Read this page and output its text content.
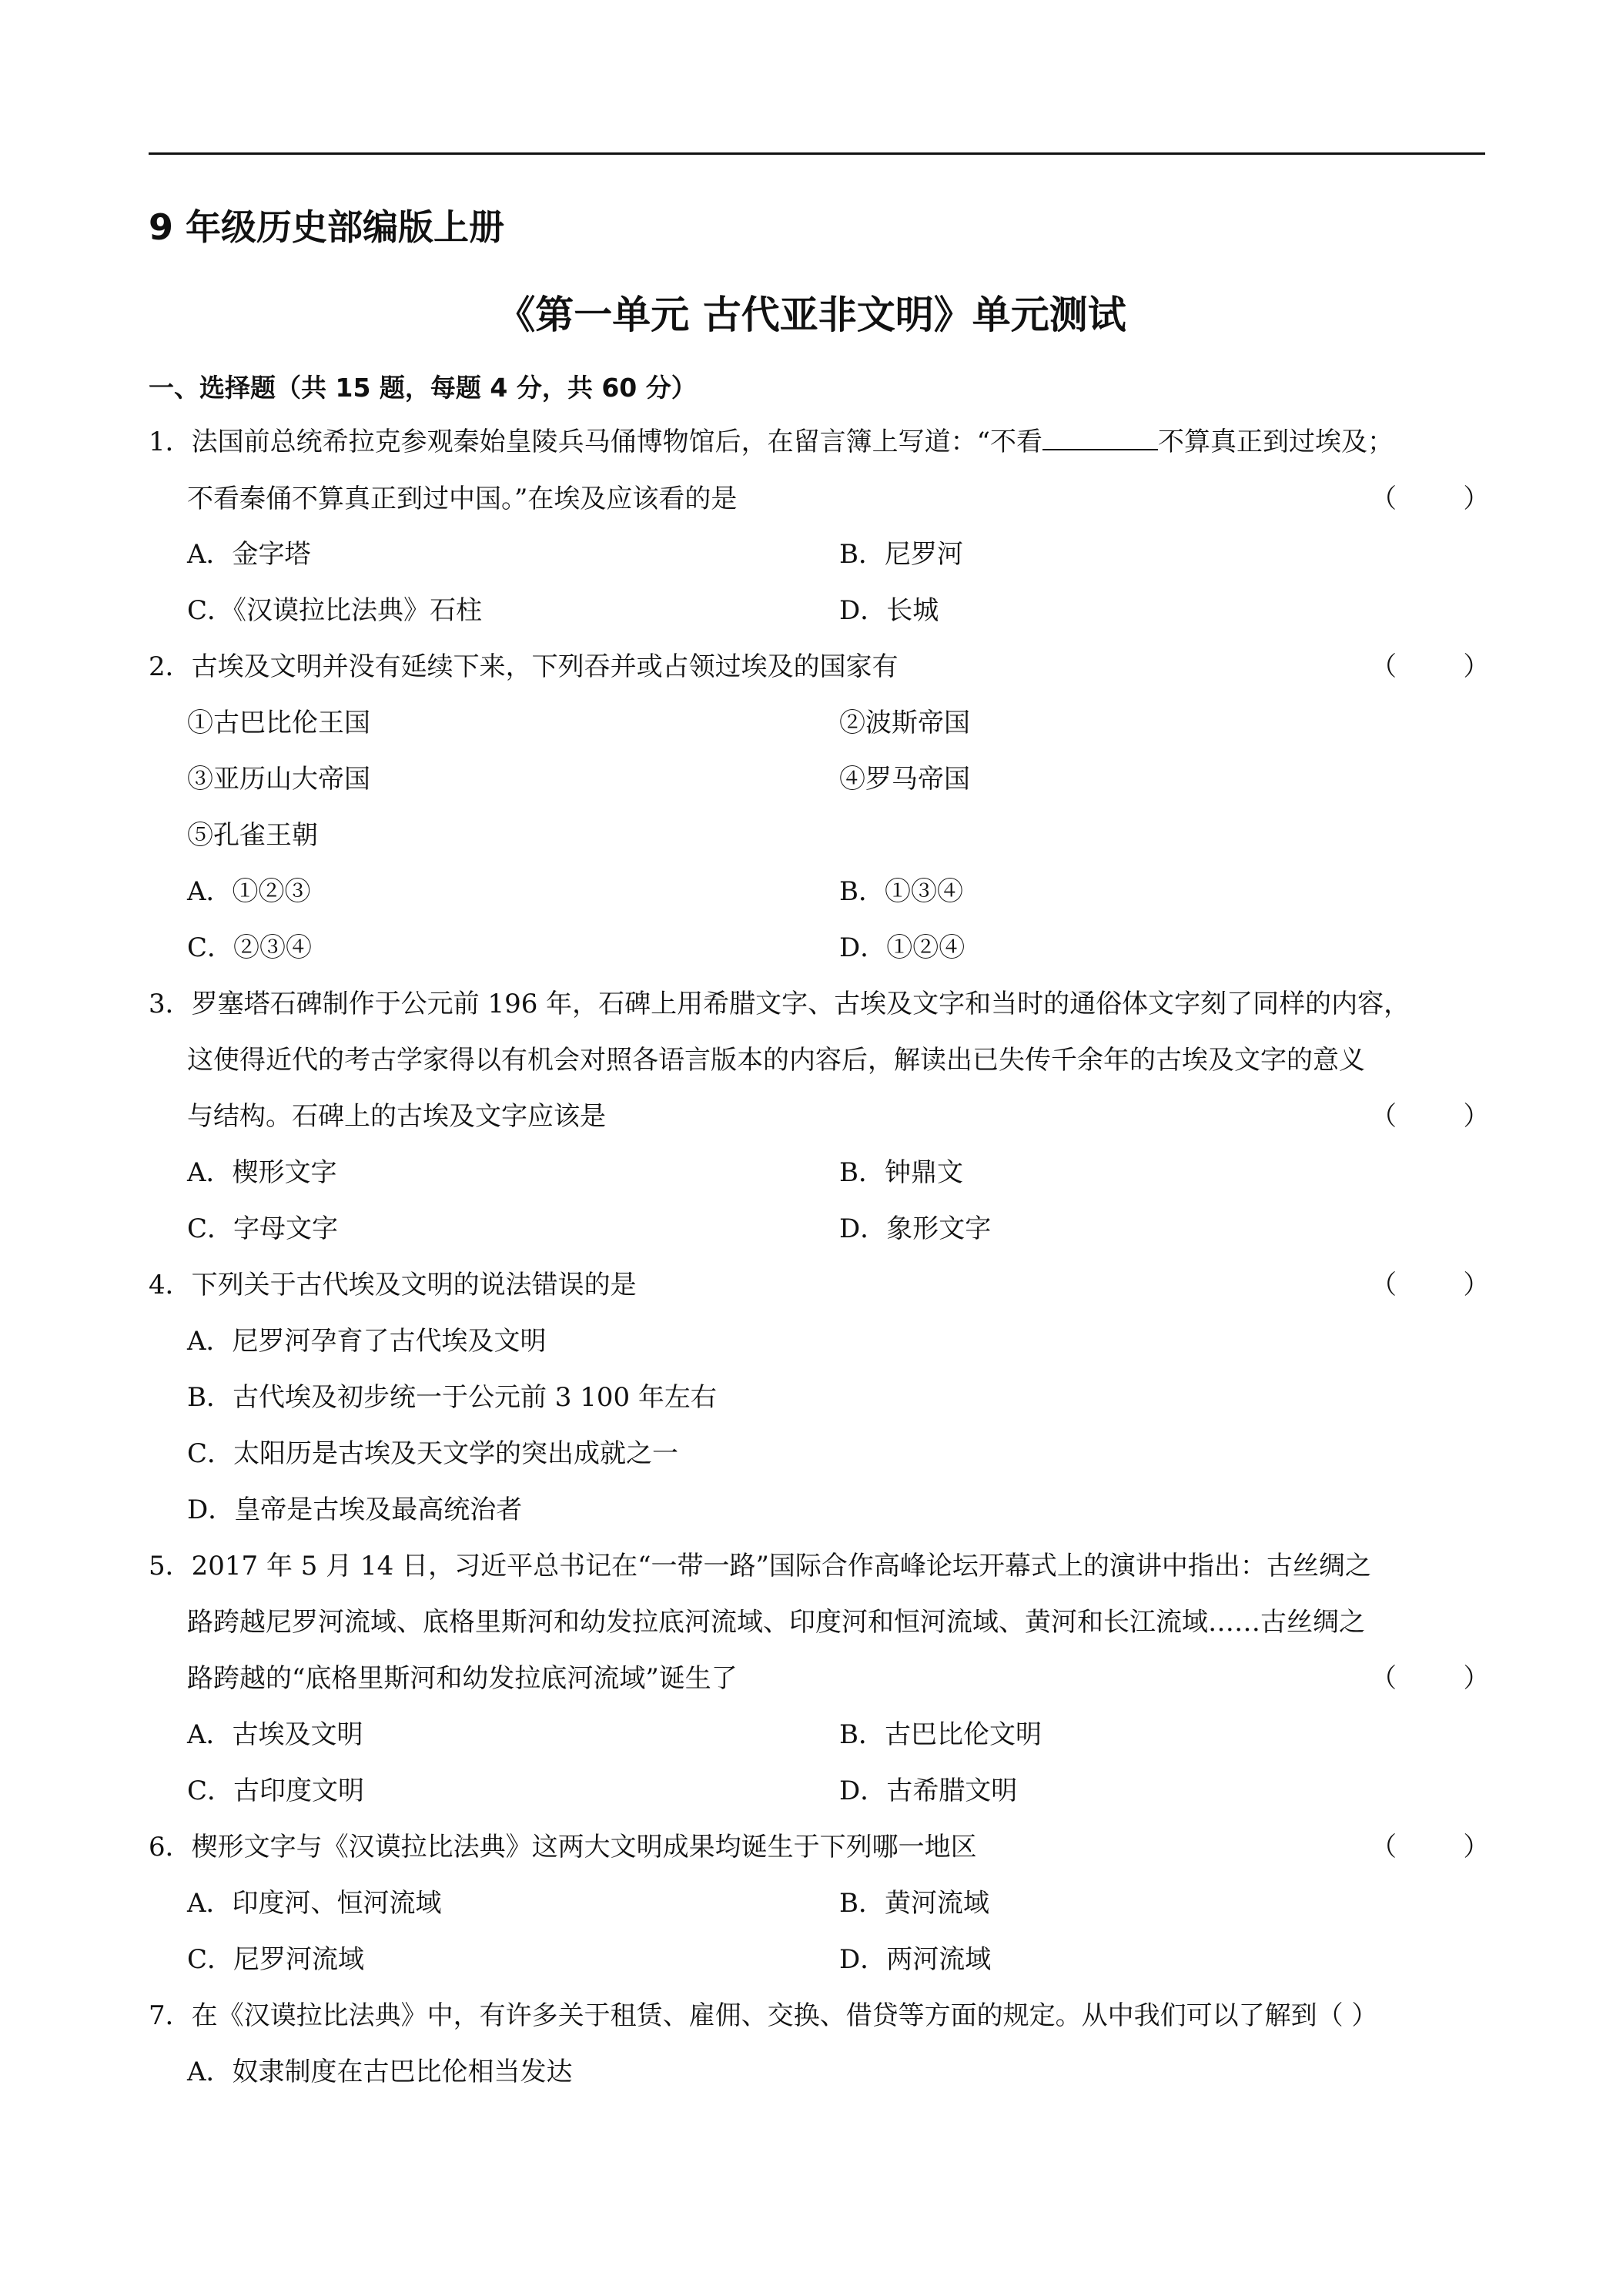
9 年级历史部编版上册
《第一单元 古代亚非文明》单元测试
一、选择题（共 15 题，每题 4 分，共 60 分）
1．法国前总统希拉克参观秦始皇陵兵马俑博物馆后，在留言簿上写道：“不看	不算真正到过埃及；
不看秦俑不算真正到过中国。”在埃及应该看的是	（        ）
A．金字塔	B．尼罗河
C．《汉谟拉比法典》石柱	D．长城
2．古埃及文明并没有延续下来，下列吞并或占领过埃及的国家有	（        ）
①古巴比伦王国	②波斯帝国
③亚历山大帝国	④罗马帝国
⑤孔雀王朝
A．①②③	B．①③④
C．②③④	D．①②④
3．罗塞塔石碑制作于公元前 196 年，石碑上用希腊文字、古埃及文字和当时的通俗体文字刻了同样的内容，
这使得近代的考古学家得以有机会对照各语言版本的内容后，解读出已失传千余年的古埃及文字的意义
与结构。石碑上的古埃及文字应该是	（        ）
A．楔形文字	B．钟鼎文
C．字母文字	D．象形文字
4．下列关于古代埃及文明的说法错误的是	（        ）
A．尼罗河孕育了古代埃及文明
B．古代埃及初步统一于公元前 3 100 年左右
C．太阳历是古埃及天文学的突出成就之一
D．皇帝是古埃及最高统治者
5．2017 年 5 月 14 日，习近平总书记在“一带一路”国际合作高峰论坛开幕式上的演讲中指出：古丝绸之
路跨越尼罗河流域、底格里斯河和幼发拉底河流域、印度河和恒河流域、黄河和长江流域……古丝绸之
路跨越的“底格里斯河和幼发拉底河流域”诞生了	（        ）
A．古埃及文明	B．古巴比伦文明
C．古印度文明	D．古希腊文明
6．楔形文字与《汉谟拉比法典》这两大文明成果均诞生于下列哪一地区	（        ）
A．印度河、恒河流域	B．黄河流域
C．尼罗河流域	D．两河流域
7．在《汉谟拉比法典》中，有许多关于租赁、雇佣、交换、借贷等方面的规定。从中我们可以了解到（ ）
A．奴隶制度在古巴比伦相当发达
